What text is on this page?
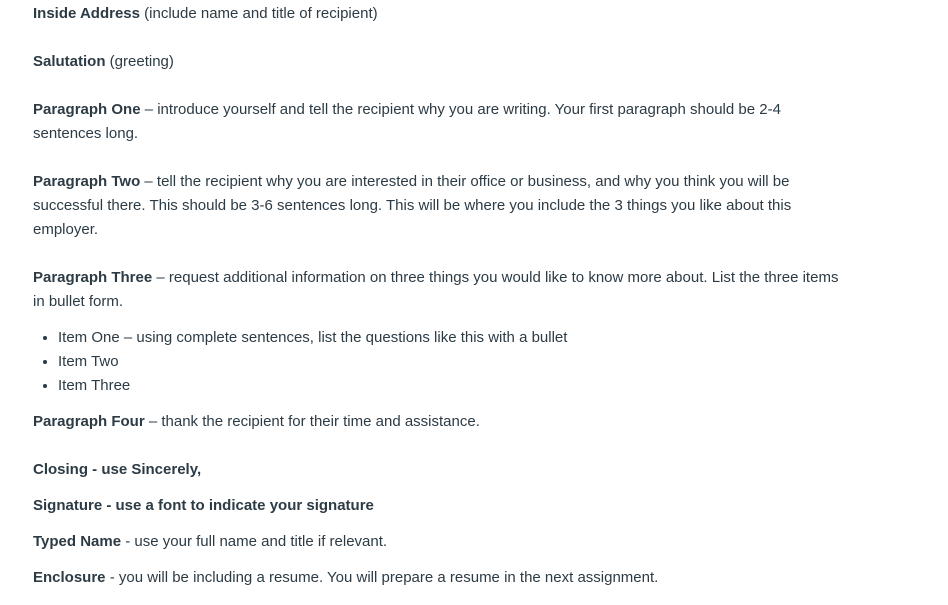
Inside Address (include name and title of recipient)

Salutation (greeting)

Paragraph One – introduce yourself and tell the recipient why you are writing. Your first paragraph should be 2-4 sentences long.

Paragraph Two – tell the recipient why you are interested in their office or business, and why you think you will be successful there. This should be 3-6 sentences long. This will be where you include the 3 things you like about this employer.

Paragraph Three – request additional information on three things you would like to know more about. List the three items in bullet form.

• Item One – using complete sentences, list the questions like this with a bullet
• Item Two
• Item Three

Paragraph Four – thank the recipient for their time and assistance.

Closing - use Sincerely,

Signature - use a font to indicate your signature

Typed Name - use your full name and title if relevant.

Enclosure - you will be including a resume. You will prepare a resume in the next assignment.
